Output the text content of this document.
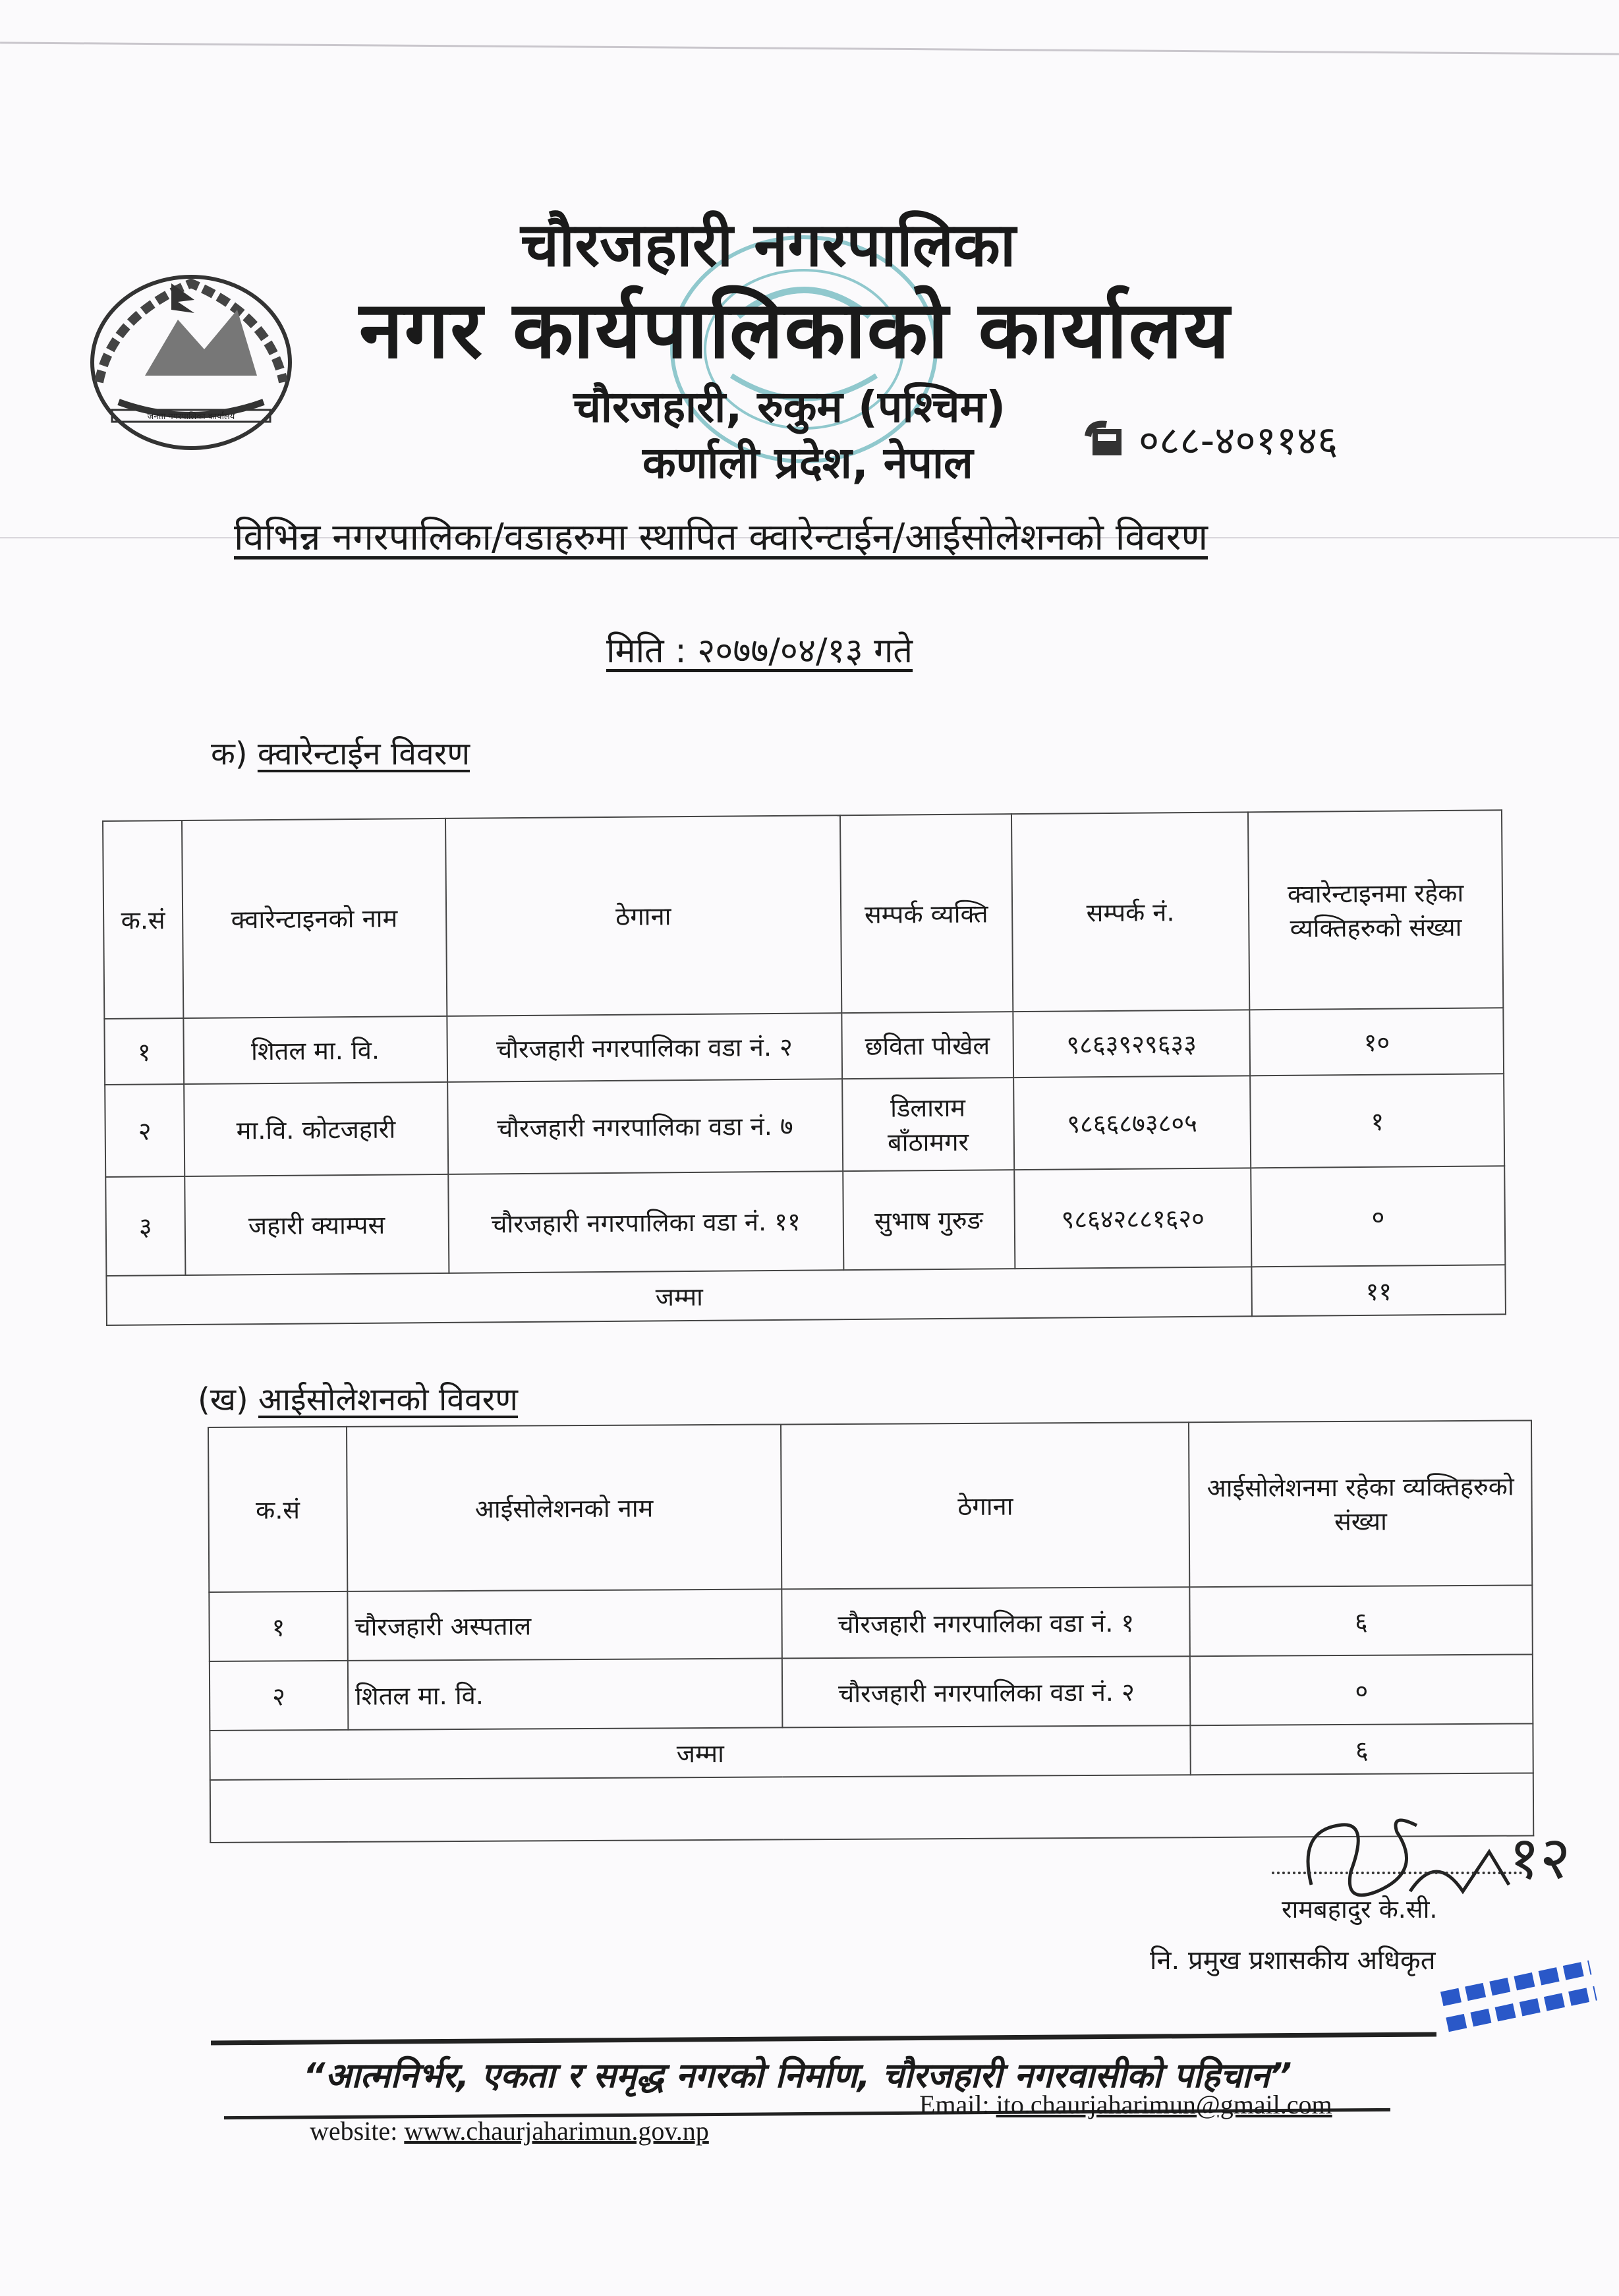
जनता नगरपालिका कार्यालय
चौरजहारी नगरपालिका
नगर कार्यपालिकाको कार्यालय
चौरजहारी, रुकुम (पश्चिम)
कर्णाली प्रदेश, नेपाल	०८८-४०११४६
विभिन्न नगरपालिका/वडाहरुमा स्थापित क्वारेन्टाईन/आईसोलेशनको विवरण
मिति : २०७७/०४/१३ गते
क) क्वारेन्टाईन विवरण
क.सं	क्वारेन्टाइनको नाम	ठेगाना	सम्पर्क व्यक्ति	सम्पर्क नं.	क्वारेन्टाइनमा रहेका व्यक्तिहरुको संख्या
१	शितल मा. वि.	चौरजहारी नगरपालिका वडा नं. २	छविता पोखेल	९८६३९२९६३३	१०
२	मा.वि. कोटजहारी	चौरजहारी नगरपालिका वडा नं. ७	डिलाराम बाँठामगर	९८६६८७३८०५	१
३	जहारी क्याम्पस	चौरजहारी नगरपालिका वडा नं. ११	सुभाष गुरुङ	९८६४२८८१६२०	०
जम्मा					११
(ख) आईसोलेशनको विवरण
क.सं	आईसोलेशनको नाम	ठेगाना	आईसोलेशनमा रहेका व्यक्तिहरुको संख्या
१	चौरजहारी अस्पताल	चौरजहारी नगरपालिका वडा नं. १	६
२	शितल मा. वि.	चौरजहारी नगरपालिका वडा नं. २	०
जम्मा			६

१२
रामबहादुर के.सी.
नि. प्रमुख प्रशासकीय अधिकृत
“आत्मनिर्भर, एकता र समृद्ध नगरको निर्माण, चौरजहारी नगरवासीको पहिचान”
Email: ito.chaurjaharimun@gmail.com
website: www.chaurjaharimun.gov.np
